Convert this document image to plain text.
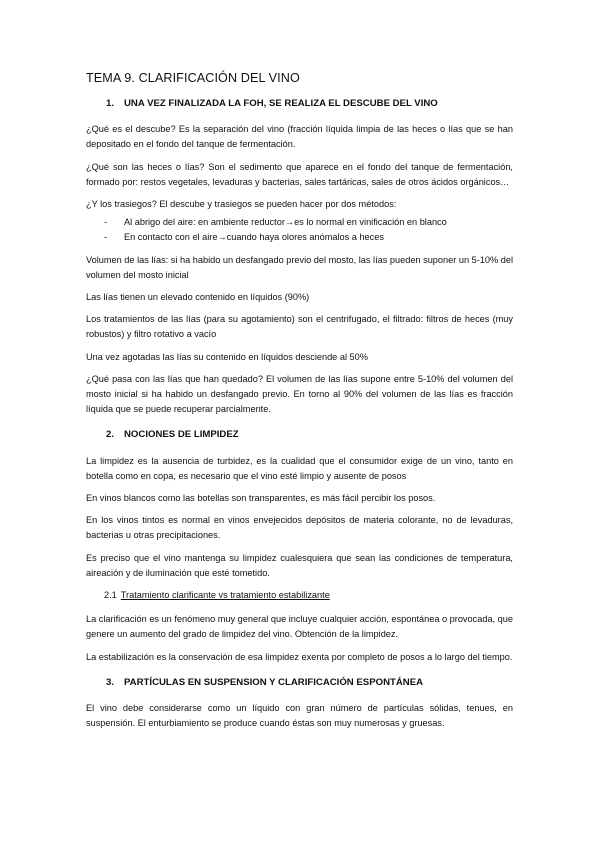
TEMA 9. CLARIFICACIÓN DEL VINO
1.	UNA VEZ FINALIZADA LA FOH, SE REALIZA EL DESCUBE DEL VINO
¿Qué es el descube? Es la separación del vino (fracción líquida limpia de las heces o lías que se han depositado en el fondo del tanque de fermentación.
¿Qué son las heces o lías? Son el sedimento que aparece en el fondo del tanque de fermentación, formado por: restos vegetales, levaduras y bacterias, sales tartáricas, sales de otros ácidos orgánicos…
¿Y los trasiegos? El descube y trasiegos se pueden hacer por dos métodos:
- Al abrigo del aire: en ambiente reductor→es lo normal en vinificación en blanco
- En contacto con el aire→cuando haya olores anómalos a heces
Volumen de las lías: si ha habido un desfangado previo del mosto, las lías pueden suponer un 5-10% del volumen del mosto inicial
Las lías tienen un elevado contenido en líquidos (90%)
Los tratamientos de las lías (para su agotamiento) son el centrifugado, el filtrado: filtros de heces (muy robustos) y filtro rotativo a vacío
Una vez agotadas las lías su contenido en líquidos desciende al 50%
¿Qué pasa con las lías que han quedado? El volumen de las lías supone entre 5-10% del volumen del mosto inicial si ha habido un desfangado previo. En torno al 90% del volumen de las lías es fracción líquida que se puede recuperar parcialmente.
2.	NOCIONES DE LIMPIDEZ
La limpidez es la ausencia de turbidez, es la cualidad que el consumidor exige de un vino, tanto en botella como en copa, es necesario que el vino esté limpio y ausente de posos
En vinos blancos como las botellas son transparentes, es más fácil percibir los posos.
En los vinos tintos es normal en vinos envejecidos depósitos de materia colorante, no de levaduras, bacterias u otras precipitaciones.
Es preciso que el vino mantenga su limpidez cualesquiera que sean las condiciones de temperatura, aireación y de iluminación que esté tometido.
2.1 Tratamiento clarificante vs tratamiento estabilizante
La clarificación es un fenómeno muy general que incluye cualquier acción, espontánea o provocada, que genere un aumento del grado de limpidez del vino. Obtención de la limpidez.
La estabilización es la conservación de esa limpidez exenta por completo de posos a lo largo del tiempo.
3.	PARTÍCULAS EN SUSPENSION Y CLARIFICACIÓN ESPONTÁNEA
El vino debe considerarse como un líquido con gran número de partículas sólidas, tenues, en suspensión. El enturbiamiento se produce cuando éstas son muy numerosas y gruesas.
